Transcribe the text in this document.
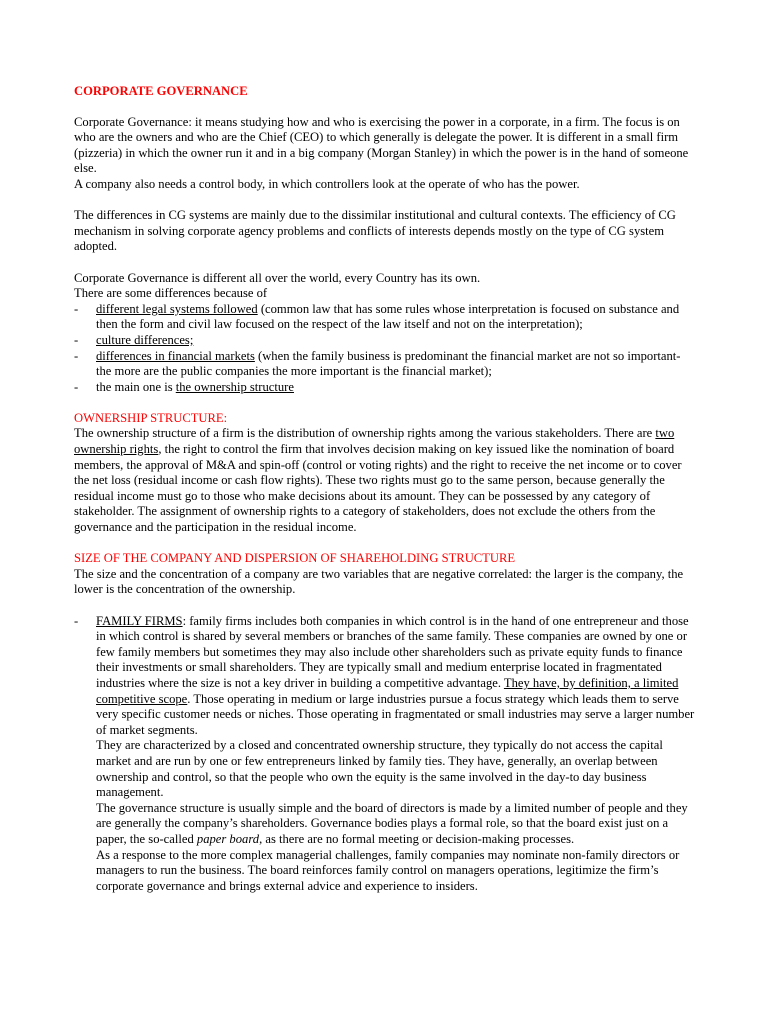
CORPORATE GOVERNANCE

Corporate Governance: it means studying how and who is exercising the power in a corporate, in a firm. The focus is on who are the owners and who are the Chief (CEO) to which generally is delegate the power. It is different in a small firm (pizzeria) in which the owner run it and in a big company (Morgan Stanley) in which the power is in the hand of someone else.

A company also needs a control body, in which controllers look at the operate of who has the power.

The differences in CG systems are mainly due to the dissimilar institutional and cultural contexts. The efficiency of CG mechanism in solving corporate agency problems and conflicts of interests depends mostly on the type of CG system adopted.

Corporate Governance is different all over the world, every Country has its own.

There are some differences because of

- different legal systems followed (common law that has some rules whose interpretation is focused on substance and then the form and civil law focused on the respect of the law itself and not on the interpretation);
- culture differences;
- differences in financial markets (when the family business is predominant the financial market are not so important- the more are the public companies the more important is the financial market);
- the main one is the ownership structure
OWNERSHIP STRUCTURE:

The ownership structure of a firm is the distribution of ownership rights among the various stakeholders. There are two ownership rights, the right to control the firm that involves decision making on key issued like the nomination of board members, the approval of M&A and spin-off (control or voting rights) and the right to receive the net income or to cover the net loss (residual income or cash flow rights). These two rights must go to the same person, because generally the residual income must go to those who make decisions about its amount. They can be possessed by any category of stakeholder. The assignment of ownership rights to a category of stakeholders, does not exclude the others from the governance and the participation in the residual income.

SIZE OF THE COMPANY AND DISPERSION OF SHAREHOLDING STRUCTURE

The size and the concentration of a company are two variables that are negative correlated: the larger is the company, the lower is the concentration of the ownership.

- FAMILY FIRMS: family firms includes both companies in which control is in the hand of one entrepreneur and those in which control is shared by several members or branches of the same family. These companies are owned by one or few family members but sometimes they may also include other shareholders such as private equity funds to finance their investments or small shareholders. They are typically small and medium enterprise located in fragmentated industries where the size is not a key driver in building a competitive advantage. They have, by definition, a limited competitive scope. Those operating in medium or large industries pursue a focus strategy which leads them to serve very specific customer needs or niches. Those operating in fragmentated or small industries may serve a larger number of market segments.

They are characterized by a closed and concentrated ownership structure, they typically do not access the capital market and are run by one or few entrepreneurs linked by family ties. They have, generally, an overlap between ownership and control, so that the people who own the equity is the same involved in the day-to day business management.

The governance structure is usually simple and the board of directors is made by a limited number of people and they are generally the company’s shareholders. Governance bodies plays a formal role, so that the board exist just on a paper, the so-called paper board, as there are no formal meeting or decision-making processes.

As a response to the more complex managerial challenges, family companies may nominate non-family directors or managers to run the business. The board reinforces family control on managers operations, legitimize the firm’s corporate governance and brings external advice and experience to insiders.
